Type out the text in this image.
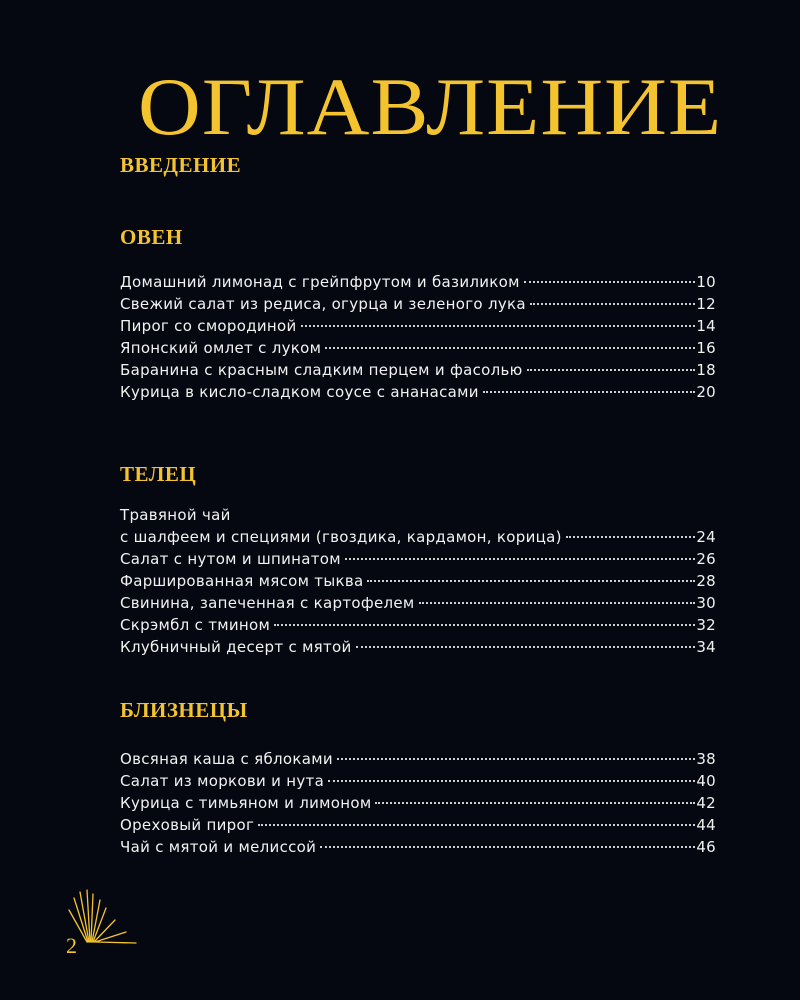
ОГЛАВЛЕНИЕ
ВВЕДЕНИЕ
ОВЕН
Домашний лимонад с грейпфрутом и базиликом	10
Свежий салат из редиса, огурца и зеленого лука	12
Пирог со смородиной	14
Японский омлет с луком	16
Баранина с красным сладким перцем и фасолью	18
Курица в кисло-сладком соусе с ананасами	20
ТЕЛЕЦ
Травяной чай
с шалфеем и специями (гвоздика, кардамон, корица)	24
Салат с нутом и шпинатом	26
Фаршированная мясом тыква	28
Свинина, запеченная с картофелем	30
Скрэмбл с тмином	32
Клубничный десерт с мятой	34
БЛИЗНЕЦЫ
Овсяная каша с яблоками	38
Салат из моркови и нута	40
Курица с тимьяном и лимоном	42
Ореховый пирог	44
Чай с мятой и мелиссой	46
2
